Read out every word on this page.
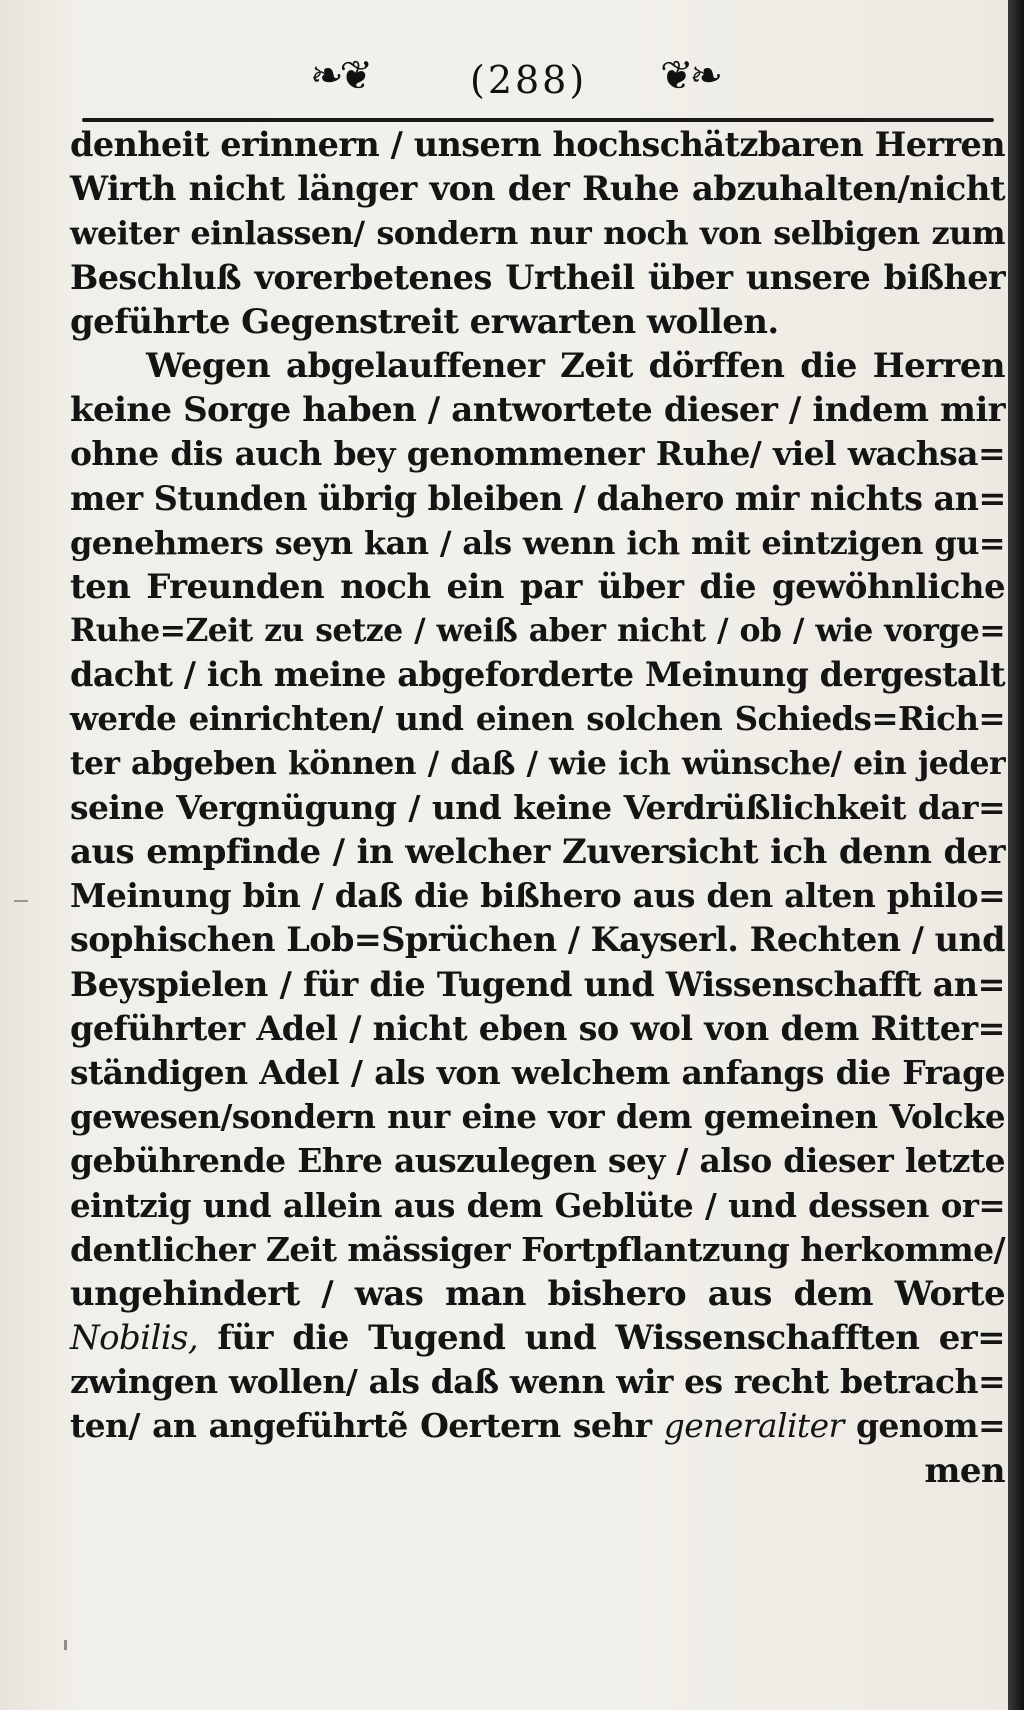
❧❦	(288) ❦❧
denheit erinnern / unsern hochschätzbaren Herren
Wirth nicht länger von der Ruhe abzuhalten/nicht
weiter einlassen/ sondern nur noch von selbigen zum
Beschluß vorerbetenes Urtheil über unsere bißher
geführte Gegenstreit erwarten wollen.
Wegen abgelauffener Zeit dörffen die Herren
keine Sorge haben / antwortete dieser / indem mir
ohne dis auch bey genommener Ruhe/ viel wachsa=
mer Stunden übrig bleiben / dahero mir nichts an=
genehmers seyn kan / als wenn ich mit eintzigen gu=
ten Freunden noch ein par über die gewöhnliche
Ruhe=Zeit zu setze / weiß aber nicht / ob / wie vorge=
dacht / ich meine abgeforderte Meinung dergestalt
werde einrichten/ und einen solchen Schieds=Rich=
ter abgeben können / daß / wie ich wünsche/ ein jeder
seine Vergnügung / und keine Verdrüßlichkeit dar=
aus empfinde / in welcher Zuversicht ich denn der
Meinung bin / daß die bißhero aus den alten philo=
sophischen Lob=Sprüchen / Kayserl. Rechten / und
Beyspielen / für die Tugend und Wissenschafft an=
geführter Adel / nicht eben so wol von dem Ritter=
ständigen Adel / als von welchem anfangs die Frage
gewesen/sondern nur eine vor dem gemeinen Volcke
gebührende Ehre auszulegen sey / also dieser letzte
eintzig und allein aus dem Geblüte / und dessen or=
dentlicher Zeit mässiger Fortpflantzung herkomme/
ungehindert / was man bishero aus dem Worte
Nobilis, für die Tugend und Wissenschafften er=
zwingen wollen/ als daß wenn wir es recht betrach=
ten/ an angeführtẽ Oertern sehr generaliter genom=
men
